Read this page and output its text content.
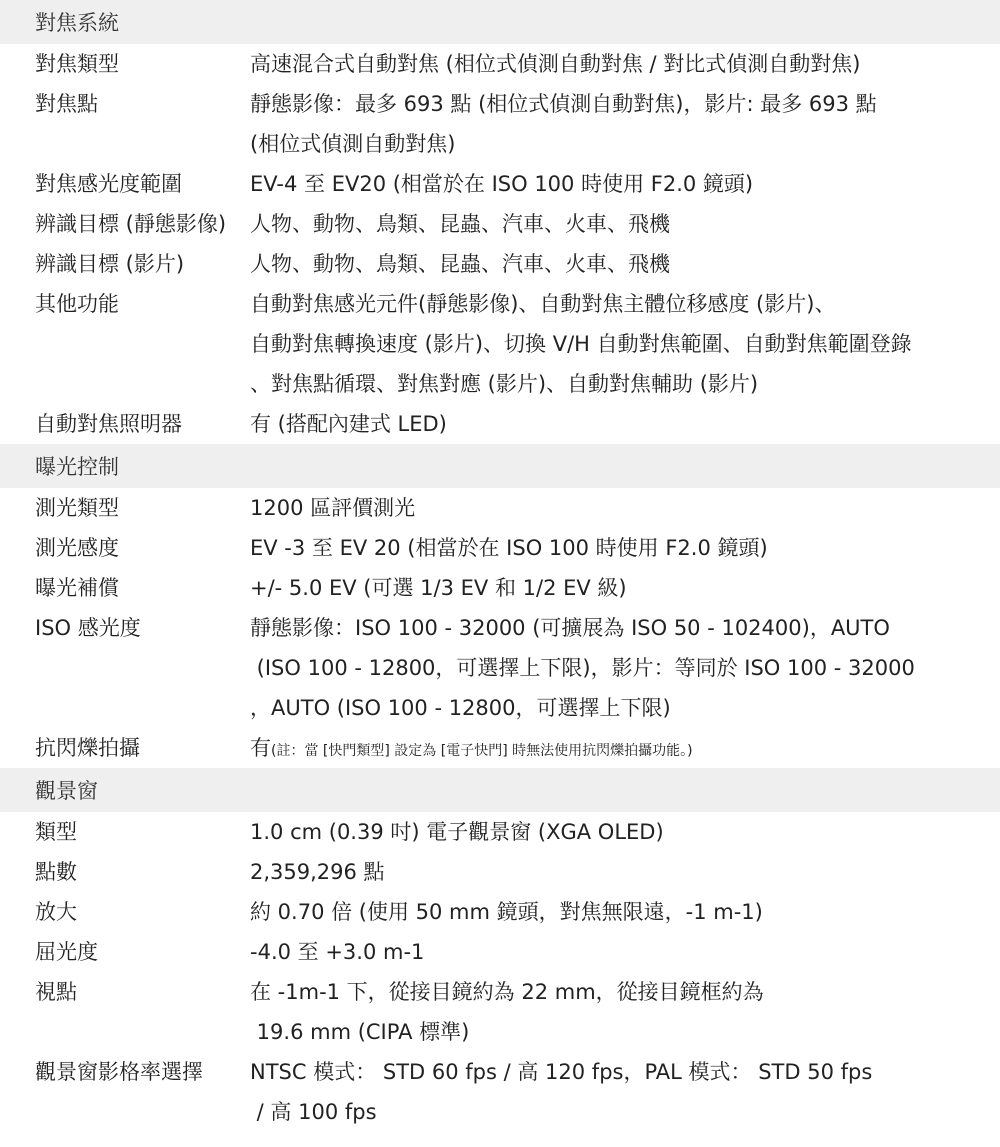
對焦系統
對焦類型	高速混合式自動對焦 (相位式偵測自動對焦 / 對比式偵測自動對焦)
對焦點	靜態影像：最多 693 點 (相位式偵測自動對焦)，影片: 最多 693 點
(相位式偵測自動對焦)
對焦感光度範圍	EV-4 至 EV20 (相當於在 ISO 100 時使用 F2.0 鏡頭)
辨識目標 (靜態影像)	人物、動物、鳥類、昆蟲、汽車、火車、飛機
辨識目標 (影片)	人物、動物、鳥類、昆蟲、汽車、火車、飛機
其他功能	自動對焦感光元件(靜態影像)、自動對焦主體位移感度 (影片)、
自動對焦轉換速度 (影片)、切換 V/H 自動對焦範圍、自動對焦範圍登錄
、對焦點循環、對焦對應 (影片)、自動對焦輔助 (影片)
自動對焦照明器	有 (搭配內建式 LED)
曝光控制
測光類型	1200 區評價測光
測光感度	EV -3 至 EV 20 (相當於在 ISO 100 時使用 F2.0 鏡頭)
曝光補償	+/- 5.0 EV (可選 1/3 EV 和 1/2 EV 級)
ISO 感光度	靜態影像：ISO 100 - 32000 (可擴展為 ISO 50 - 102400)，AUTO
(ISO 100 - 12800，可選擇上下限)，影片：等同於 ISO 100 - 32000
，AUTO (ISO 100 - 12800，可選擇上下限)
抗閃爍拍攝	有(註：當 [快門類型] 設定為 [電子快門] 時無法使用抗閃爍拍攝功能。)
觀景窗
類型	1.0 cm (0.39 吋) 電子觀景窗 (XGA OLED)
點數	2,359,296 點
放大	約 0.70 倍 (使用 50 mm 鏡頭，對焦無限遠，-1 m-1)
屈光度	-4.0 至 +3.0 m-1
視點	在 -1m-1 下，從接目鏡約為 22 mm，從接目鏡框約為
19.6 mm (CIPA 標準)
觀景窗影格率選擇	NTSC 模式： STD 60 fps / 高 120 fps，PAL 模式： STD 50 fps
/ 高 100 fps
